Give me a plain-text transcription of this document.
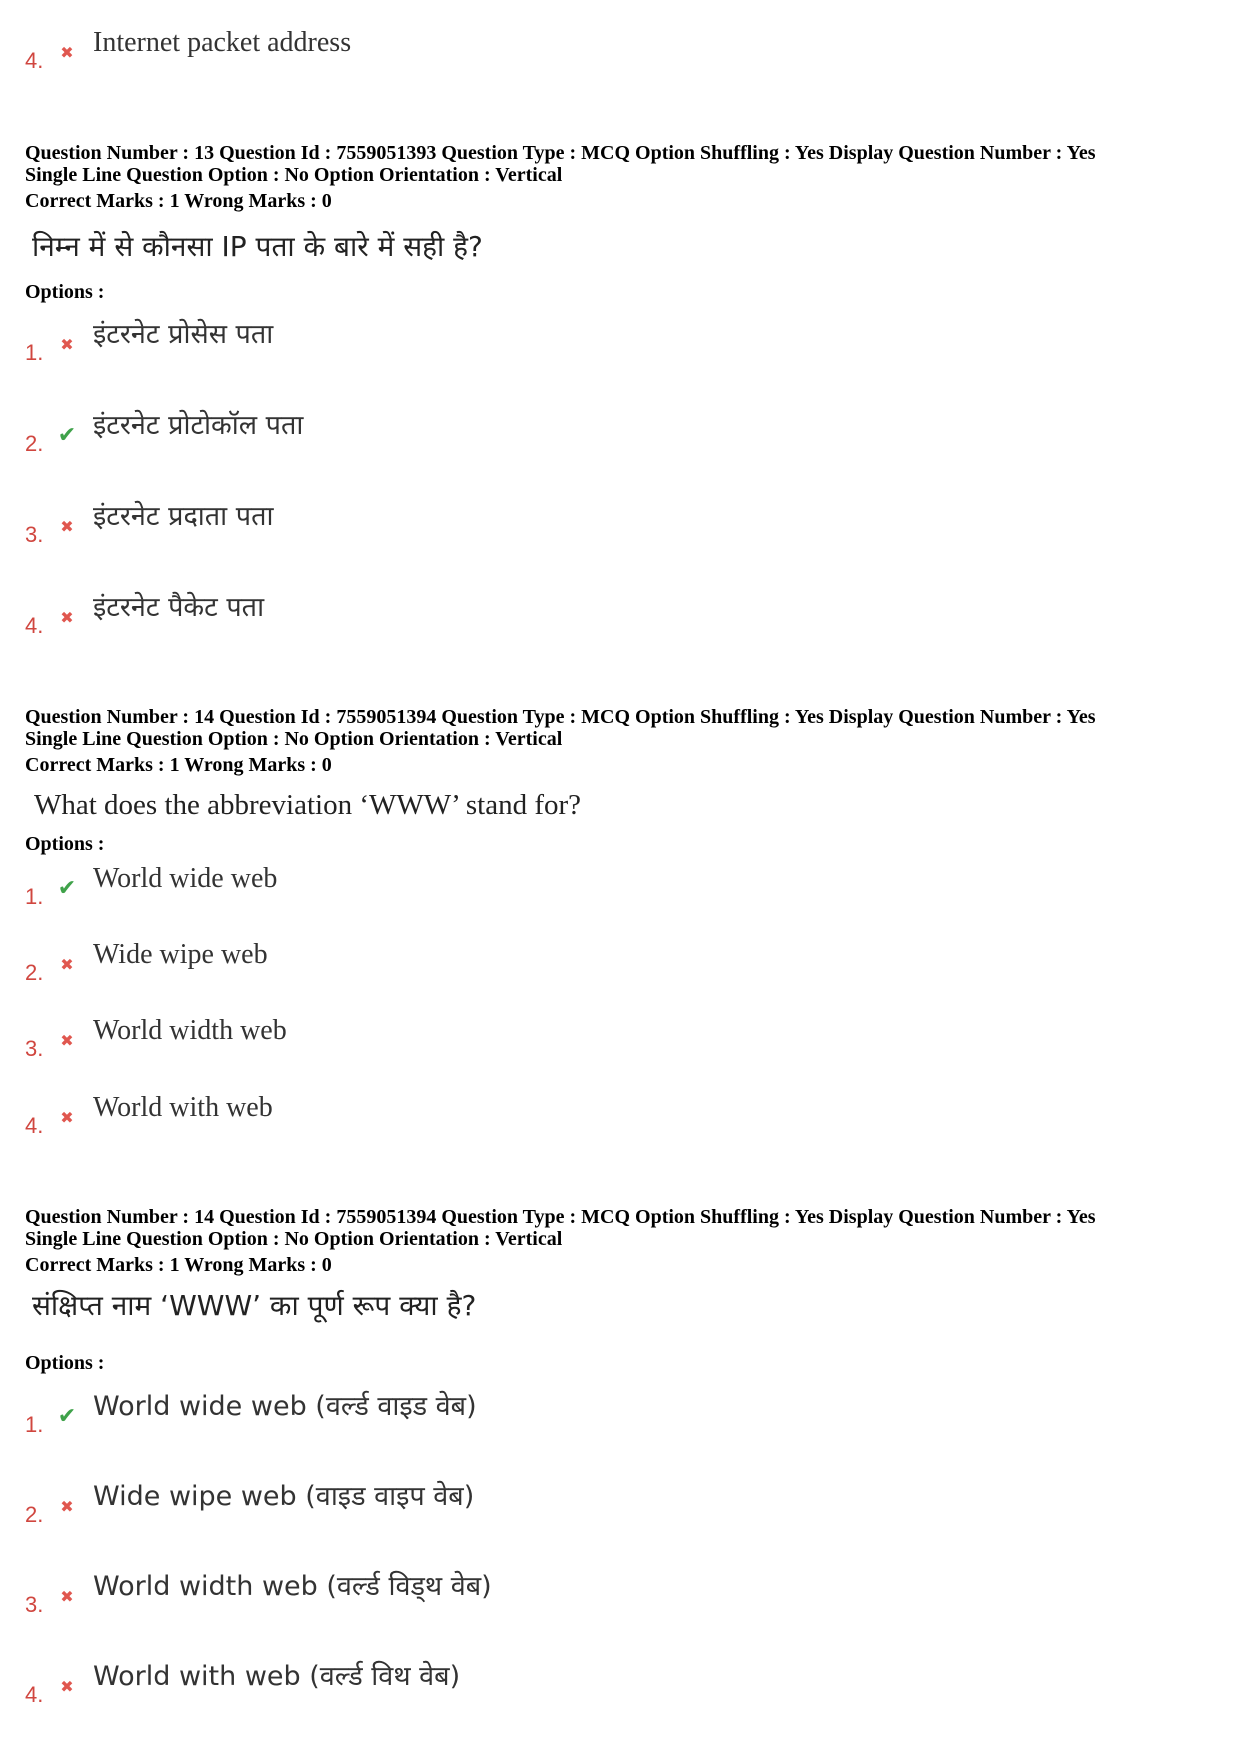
4.	✖ Internet packet address
Question Number : 13 Question Id : 7559051393 Question Type : MCQ Option Shuffling : Yes Display Question Number : Yes
Single Line Question Option : No Option Orientation : Vertical
Correct Marks : 1 Wrong Marks : 0
निम्न में से कौनसा IP पता के बारे में सही है?
Options :
1.	✖ इंटरनेट प्रोसेस पता
2. ✔ इंटरनेट प्रोटोकॉल पता
3.	✖ इंटरनेट प्रदाता पता
4.	✖ इंटरनेट पैकेट पता
Question Number : 14 Question Id : 7559051394 Question Type : MCQ Option Shuffling : Yes Display Question Number : Yes
Single Line Question Option : No Option Orientation : Vertical
Correct Marks : 1 Wrong Marks : 0
What does the abbreviation ‘WWW’ stand for?
Options :
1. ✔ World wide web
2.	✖ Wide wipe web
3.	✖ World width web
4.	✖ World with web
Question Number : 14 Question Id : 7559051394 Question Type : MCQ Option Shuffling : Yes Display Question Number : Yes
Single Line Question Option : No Option Orientation : Vertical
Correct Marks : 1 Wrong Marks : 0
संक्षिप्त नाम ‘WWW’ का पूर्ण रूप क्या है?
Options :
1. ✔ World wide web (वर्ल्ड वाइड वेब)
2.	✖ Wide wipe web (वाइड वाइप वेब)
3.	✖ World width web (वर्ल्ड विड्थ वेब)
4.	✖ World with web (वर्ल्ड विथ वेब)
